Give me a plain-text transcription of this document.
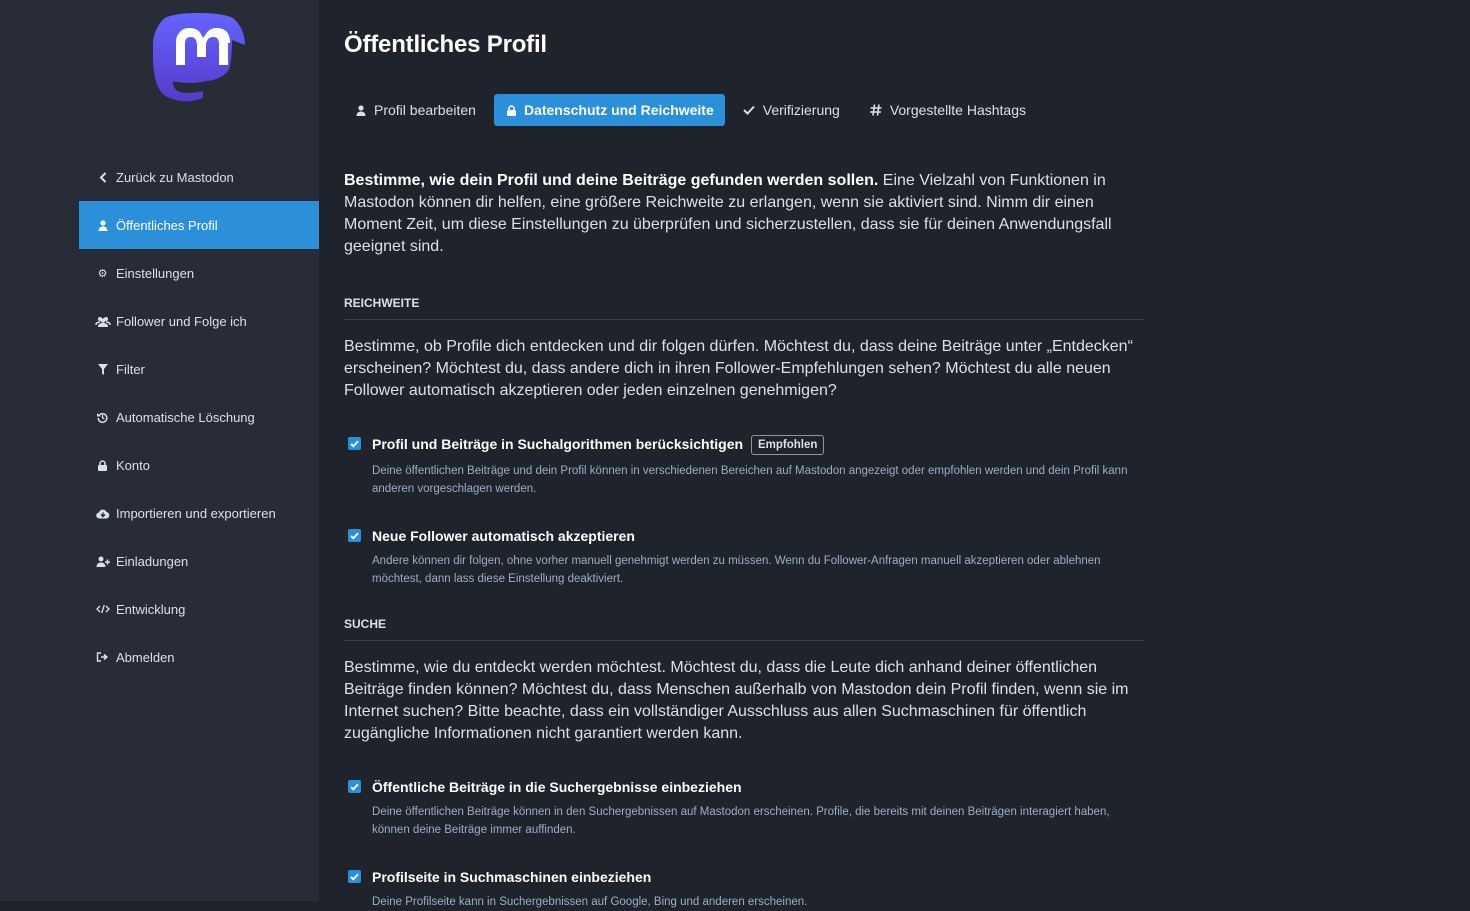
Zurück zu Mastodon
Öffentliches Profil
⚙ Einstellungen
Follower und Folge ich
Filter
Automatische Löschung
Konto
Importieren und exportieren
Einladungen
Entwicklung
Abmelden
Öffentliches Profil
Profil bearbeiten	Datenschutz und Reichweite	Verifizierung	Vorgestellte Hashtags

Bestimme, wie dein Profil und deine Beiträge gefunden werden sollen. Eine Vielzahl von Funktionen in Mastodon können dir helfen, eine größere Reichweite zu erlangen, wenn sie aktiviert sind. Nimm dir einen Moment Zeit, um diese Einstellungen zu überprüfen und sicherzustellen, dass sie für deinen Anwendungsfall geeignet sind.

REICHWEITE

Bestimme, ob Profile dich entdecken und dir folgen dürfen. Möchtest du, dass deine Beiträge unter „Entdecken“ erscheinen? Möchtest du, dass andere dich in ihren Follower-Empfehlungen sehen? Möchtest du alle neuen Follower automatisch akzeptieren oder jeden einzelnen genehmigen?

Profil und Beiträge in Suchalgorithmen berücksichtigen Empfohlen

Deine öffentlichen Beiträge und dein Profil können in verschiedenen Bereichen auf Mastodon angezeigt oder empfohlen werden und dein Profil kann anderen vorgeschlagen werden.

Neue Follower automatisch akzeptieren

Andere können dir folgen, ohne vorher manuell genehmigt werden zu müssen. Wenn du Follower-Anfragen manuell akzeptieren oder ablehnen möchtest, dann lass diese Einstellung deaktiviert.

SUCHE

Bestimme, wie du entdeckt werden möchtest. Möchtest du, dass die Leute dich anhand deiner öffentlichen Beiträge finden können? Möchtest du, dass Menschen außerhalb von Mastodon dein Profil finden, wenn sie im Internet suchen? Bitte beachte, dass ein vollständiger Ausschluss aus allen Suchmaschinen für öffentlich zugängliche Informationen nicht garantiert werden kann.

Öffentliche Beiträge in die Suchergebnisse einbeziehen

Deine öffentlichen Beiträge können in den Suchergebnissen auf Mastodon erscheinen. Profile, die bereits mit deinen Beiträgen interagiert haben, können deine Beiträge immer auffinden.

Profilseite in Suchmaschinen einbeziehen

Deine Profilseite kann in Suchergebnissen auf Google, Bing und anderen erscheinen.
